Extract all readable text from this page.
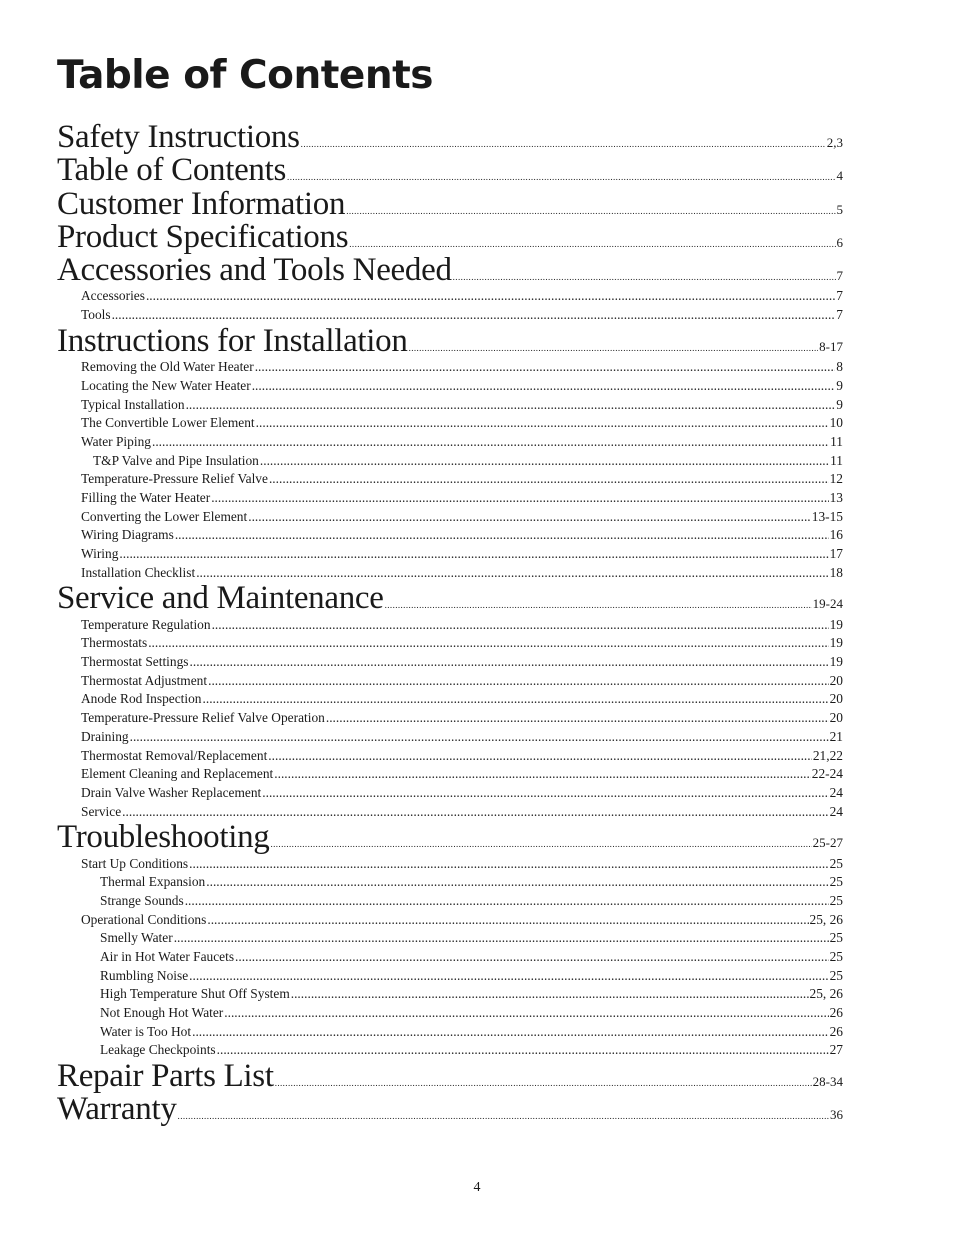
Table of Contents
Safety Instructions .....	2,3
Table of Contents .....	4
Customer Information .....	5
Product Specifications .....	6
Accessories and Tools Needed .....	7
Accessories .....	7
Tools .....	7
Instructions for Installation .....	8-17
Removing the Old Water Heater .....	8
Locating the New Water Heater .....	9
Typical Installation .....	9
The Convertible Lower Element .....	10
Water Piping .....	11
T&P Valve and Pipe Insulation .....	11
Temperature-Pressure Relief Valve .....	12
Filling the Water Heater .....	13
Converting the Lower Element .....	13-15
Wiring Diagrams .....	16
Wiring .....	17
Installation Checklist .....	18
Service and Maintenance .....	19-24
Temperature Regulation .....	19
Thermostats .....	19
Thermostat Settings .....	19
Thermostat Adjustment .....	20
Anode Rod Inspection .....	20
Temperature-Pressure Relief Valve Operation .....	20
Draining .....	21
Thermostat Removal/Replacement .....	21,22
Element Cleaning and Replacement .....	22-24
Drain Valve Washer Replacement .....	24
Service .....	24
Troubleshooting .....	25-27
Start Up Conditions .....	25
Thermal Expansion .....	25
Strange Sounds .....	25
Operational Conditions .....	25, 26
Smelly Water .....	25
Air in Hot Water Faucets .....	25
Rumbling Noise .....	25
High Temperature Shut Off System .....	25, 26
Not Enough Hot Water .....	26
Water is Too Hot .....	26
Leakage Checkpoints .....	27
Repair Parts List .....	28-34
Warranty .....	36
4
